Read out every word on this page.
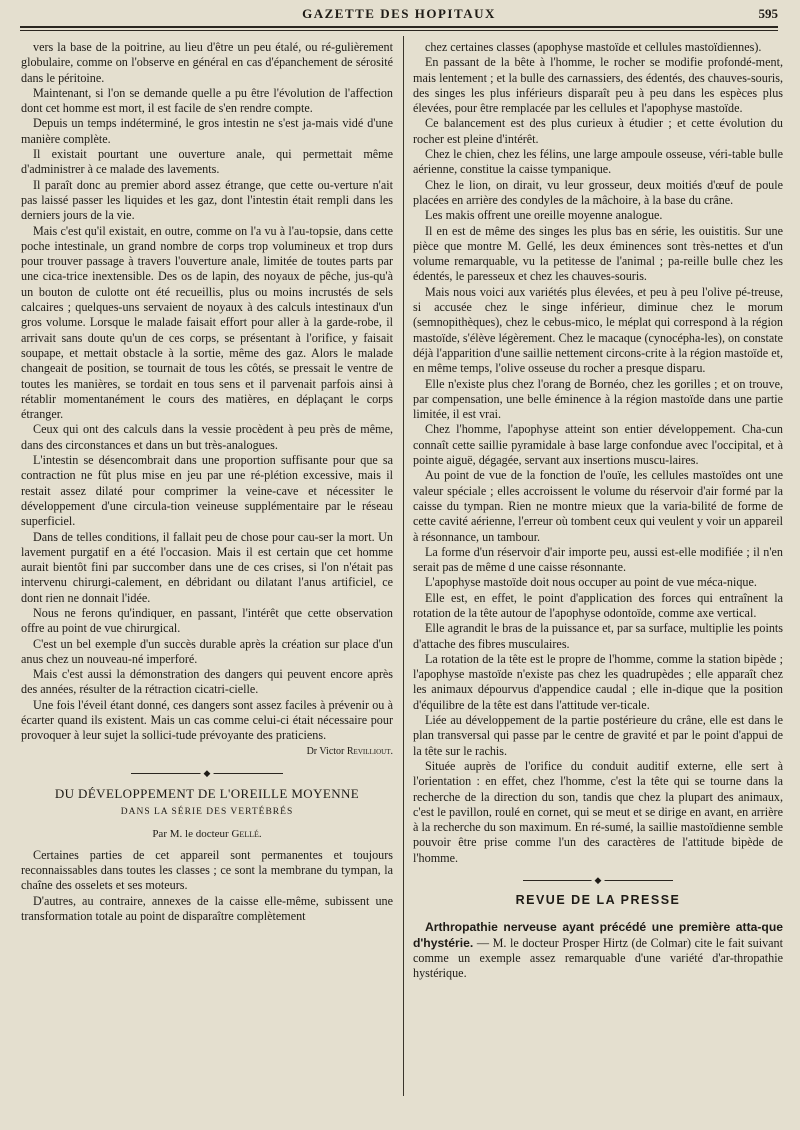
GAZETTE DES HOPITAUX	595

vers la base de la poitrine, au lieu d'être un peu étalé, ou ré-gulièrement globulaire, comme on l'observe en général en cas d'épanchement de sérosité dans le péritoine.

Maintenant, si l'on se demande quelle a pu être l'évolution de l'affection dont cet homme est mort, il est facile de s'en rendre compte.

Depuis un temps indéterminé, le gros intestin ne s'est ja-mais vidé d'une manière complète.

Il existait pourtant une ouverture anale, qui permettait même d'administrer à ce malade des lavements.

Il paraît donc au premier abord assez étrange, que cette ou-verture n'ait pas laissé passer les liquides et les gaz, dont l'intestin était rempli dans les derniers jours de la vie.

Mais c'est qu'il existait, en outre, comme on l'a vu à l'au-topsie, dans cette poche intestinale, un grand nombre de corps trop volumineux et trop durs pour trouver passage à travers l'ouverture anale, limitée de toutes parts par une cica-trice inextensible. Des os de lapin, des noyaux de pêche, jus-qu'à un bouton de culotte ont été recueillis, plus ou moins incrustés de sels calcaires ; quelques-uns servaient de noyaux à des calculs intestinaux d'un gros volume. Lorsque le malade faisait effort pour aller à la garde-robe, il arrivait sans doute qu'un de ces corps, se présentant à l'orifice, y faisait soupape, et mettait obstacle à la sortie, même des gaz. Alors le malade changeait de position, se tournait de tous les côtés, se pressait le ventre de toutes les manières, se tordait en tous sens et il parvenait parfois ainsi à rétablir momentanément le cours des matières, en déplaçant le corps étranger.

Ceux qui ont des calculs dans la vessie procèdent à peu près de même, dans des circonstances et dans un but très-analogues.

L'intestin se désencombrait dans une proportion suffisante pour que sa contraction ne fût plus mise en jeu par une ré-plétion excessive, mais il restait assez dilaté pour comprimer la veine-cave et nécessiter le développement d'une circula-tion veineuse supplémentaire par le réseau superficiel.

Dans de telles conditions, il fallait peu de chose pour cau-ser la mort. Un lavement purgatif en a été l'occasion. Mais il est certain que cet homme aurait bientôt fini par succomber dans une de ces crises, si l'on n'était pas intervenu chirurgi-calement, en débridant ou dilatant l'anus artificiel, ce dont rien ne donnait l'idée.

Nous ne ferons qu'indiquer, en passant, l'intérêt que cette observation offre au point de vue chirurgical.

C'est un bel exemple d'un succès durable après la création sur place d'un anus chez un nouveau-né imperforé.

Mais c'est aussi la démonstration des dangers qui peuvent encore après des années, résulter de la rétraction cicatri-cielle.

Une fois l'éveil étant donné, ces dangers sont assez faciles à prévenir ou à écarter quand ils existent. Mais un cas comme celui-ci était nécessaire pour provoquer à leur sujet la sollici-tude prévoyante des praticiens.

Dr Victor Revilliout.
◆
DU DÉVELOPPEMENT DE L'OREILLE MOYENNE
DANS LA SÉRIE DES VERTÉBRÉS
Par M. le docteur Gellé.

Certaines parties de cet appareil sont permanentes et toujours reconnaissables dans toutes les classes ; ce sont la membrane du tympan, la chaîne des osselets et ses moteurs.

D'autres, au contraire, annexes de la caisse elle-même, subissent une transformation totale au point de disparaître complètement

chez certaines classes (apophyse mastoïde et cellules mastoïdiennes).

En passant de la bête à l'homme, le rocher se modifie profondé-ment, mais lentement ; et la bulle des carnassiers, des édentés, des chauves-souris, des singes les plus inférieurs disparaît peu à peu dans les espèces plus élevées, pour être remplacée par les cellules et l'apophyse mastoïde.

Ce balancement est des plus curieux à étudier ; et cette évolution du rocher est pleine d'intérêt.

Chez le chien, chez les félins, une large ampoule osseuse, véri-table bulle aérienne, constitue la caisse tympanique.

Chez le lion, on dirait, vu leur grosseur, deux moitiés d'œuf de poule placées en arrière des condyles de la mâchoire, à la base du crâne.

Les makis offrent une oreille moyenne analogue.

Il en est de même des singes les plus bas en série, les ouistitis. Sur une pièce que montre M. Gellé, les deux éminences sont très-nettes et d'un volume remarquable, vu la petitesse de l'animal ; pa-reille bulle chez les édentés, le paresseux et chez les chauves-souris.

Mais nous voici aux variétés plus élevées, et peu à peu l'olive pé-treuse, si accusée chez le singe inférieur, diminue chez le morum (semnopithèques), chez le cebus-mico, le méplat qui correspond à la région mastoïde, s'élève légèrement. Chez le macaque (cynocépha-les), on constate déjà l'apparition d'une saillie nettement circons-crite à la région mastoïde et, en même temps, l'olive osseuse du rocher a presque disparu.

Elle n'existe plus chez l'orang de Bornéo, chez les gorilles ; et on trouve, par compensation, une belle éminence à la région mastoïde dans une partie limitée, il est vrai.

Chez l'homme, l'apophyse atteint son entier développement. Cha-cun connaît cette saillie pyramidale à base large confondue avec l'occipital, et à pointe aiguë, dégagée, servant aux insertions muscu-laires.

Au point de vue de la fonction de l'ouïe, les cellules mastoïdes ont une valeur spéciale ; elles accroissent le volume du réservoir d'air formé par la caisse du tympan. Rien ne montre mieux que la varia-bilité de forme de cette cavité aérienne, l'erreur où tombent ceux qui veulent y voir un appareil à résonnance, un tambour.

La forme d'un réservoir d'air importe peu, aussi est-elle modifiée ; il n'en serait pas de même d une caisse résonnante.

L'apophyse mastoïde doit nous occuper au point de vue méca-nique.

Elle est, en effet, le point d'application des forces qui entraînent la rotation de la tête autour de l'apophyse odontoïde, comme axe vertical.

Elle agrandit le bras de la puissance et, par sa surface, multiplie les points d'attache des fibres musculaires.

La rotation de la tête est le propre de l'homme, comme la station bipède ; l'apophyse mastoïde n'existe pas chez les quadrupèdes ; elle apparaît chez les animaux dépourvus d'appendice caudal ; elle in-dique que la position d'équilibre de la tête est dans l'attitude ver-ticale.

Liée au développement de la partie postérieure du crâne, elle est dans le plan transversal qui passe par le centre de gravité et par le point d'appui de la tête sur le rachis.

Située auprès de l'orifice du conduit auditif externe, elle sert à l'orientation : en effet, chez l'homme, c'est la tête qui se tourne dans la recherche de la direction du son, tandis que chez la plupart des animaux, c'est le pavillon, roulé en cornet, qui se meut et se dirige en avant, en arrière à la recherche du son maximum. En ré-sumé, la saillie mastoïdienne semble pouvoir être prise comme l'un des caractères de l'attitude bipède de l'homme.

◆
REVUE DE LA PRESSE

Arthropathie nerveuse ayant précédé une première atta-que d'hystérie. — M. le docteur Prosper Hirtz (de Colmar) cite le fait suivant comme un exemple assez remarquable d'une variété d'ar-thropathie hystérique.
